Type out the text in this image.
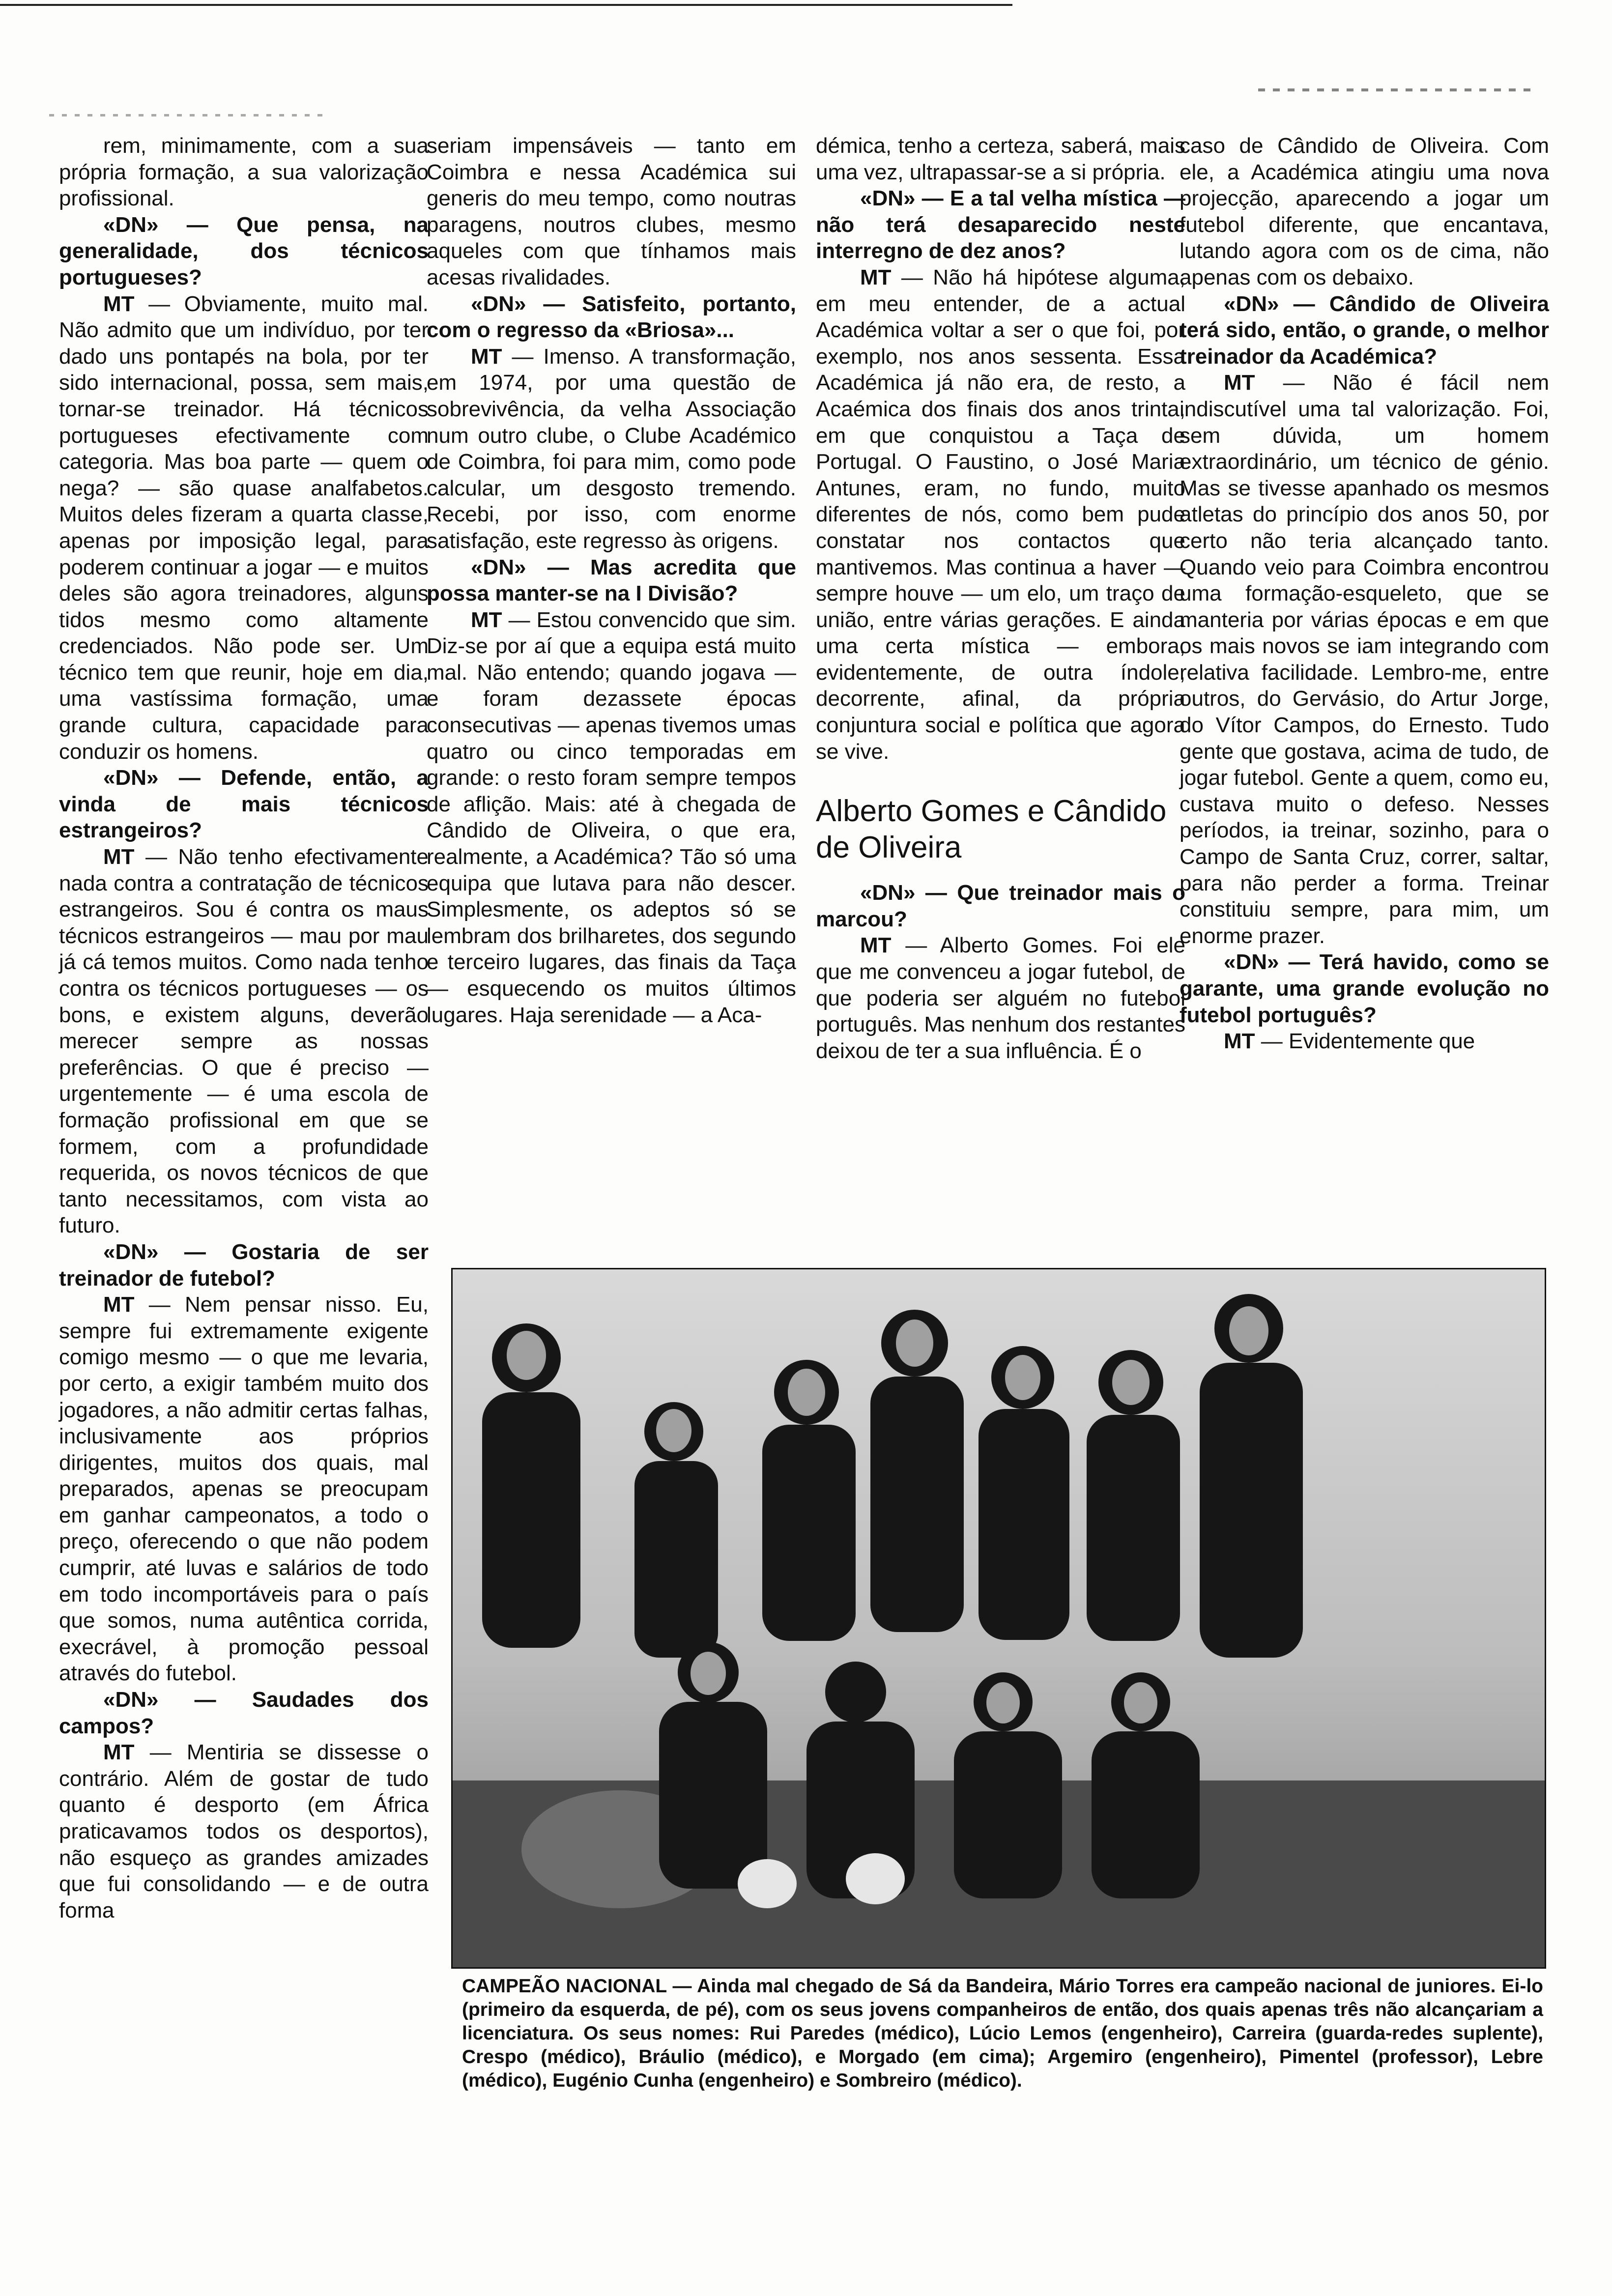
rem, minimamente, com a sua própria formação, a sua valorização profissional.

«DN» — Que pensa, na generalidade, dos técnicos portugueses?

MT — Obviamente, muito mal. Não admito que um indivíduo, por ter dado uns pontapés na bola, por ter sido internacional, possa, sem mais, tornar-se treinador. Há técnicos portugueses efectivamente com categoria. Mas boa parte — quem o nega? — são quase analfabetos. Muitos deles fizeram a quarta classe, apenas por imposição legal, para poderem continuar a jogar — e muitos deles são agora treinadores, alguns tidos mesmo como altamente credenciados. Não pode ser. Um técnico tem que reunir, hoje em dia, uma vastíssima formação, uma grande cultura, capacidade para conduzir os homens.

«DN» — Defende, então, a vinda de mais técnicos estrangeiros?

MT — Não tenho efectivamente nada contra a contratação de técnicos estrangeiros. Sou é contra os maus técnicos estrangeiros — mau por mau já cá temos muitos. Como nada tenho contra os técnicos portugueses — os bons, e existem alguns, deverão merecer sempre as nossas preferências. O que é preciso — urgentemente — é uma escola de formação profissional em que se formem, com a profundidade requerida, os novos técnicos de que tanto necessitamos, com vista ao futuro.

«DN» — Gostaria de ser treinador de futebol?

MT — Nem pensar nisso. Eu, sempre fui extremamente exigente comigo mesmo — o que me levaria, por certo, a exigir também muito dos jogadores, a não admitir certas falhas, inclusivamente aos próprios dirigentes, muitos dos quais, mal preparados, apenas se preocupam em ganhar campeonatos, a todo o preço, oferecendo o que não podem cumprir, até luvas e salários de todo em todo incomportáveis para o país que somos, numa autêntica corrida, execrável, à promoção pessoal através do futebol.

«DN» — Saudades dos campos?

MT — Mentiria se dissesse o contrário. Além de gostar de tudo quanto é desporto (em África praticavamos todos os desportos), não esqueço as grandes amizades que fui consolidando — e de outra forma

seriam impensáveis — tanto em Coimbra e nessa Académica sui generis do meu tempo, como noutras paragens, noutros clubes, mesmo aqueles com que tínhamos mais acesas rivalidades.

«DN» — Satisfeito, portanto, com o regresso da «Briosa»...

MT — Imenso. A transformação, em 1974, por uma questão de sobrevivência, da velha Associação num outro clube, o Clube Académico de Coimbra, foi para mim, como pode calcular, um desgosto tremendo. Recebi, por isso, com enorme satisfação, este regresso às origens.

«DN» — Mas acredita que possa manter-se na I Divisão?

MT — Estou convencido que sim. Diz-se por aí que a equipa está muito mal. Não entendo; quando jogava — e foram dezassete épocas consecutivas — apenas tivemos umas quatro ou cinco temporadas em grande: o resto foram sempre tempos de aflição. Mais: até à chegada de Cândido de Oliveira, o que era, realmente, a Académica? Tão só uma equipa que lutava para não descer. Simplesmente, os adeptos só se lembram dos brilharetes, dos segundo e terceiro lugares, das finais da Taça — esquecendo os muitos últimos lugares. Haja serenidade — a Aca-

démica, tenho a certeza, saberá, mais uma vez, ultrapassar-se a si própria.

«DN» — E a tal velha mística — não terá desaparecido neste interregno de dez anos?

MT — Não há hipótese alguma, em meu entender, de a actual Académica voltar a ser o que foi, por exemplo, nos anos sessenta. Essa Académica já não era, de resto, a Acaémica dos finais dos anos trinta, em que conquistou a Taça de Portugal. O Faustino, o José Maria Antunes, eram, no fundo, muito diferentes de nós, como bem pude constatar nos contactos que mantivemos. Mas continua a haver — sempre houve — um elo, um traço de união, entre várias gerações. E ainda uma certa mística — embora, evidentemente, de outra índole, decorrente, afinal, da própria conjuntura social e política que agora se vive.

Alberto Gomes e Cândido de Oliveira

«DN» — Que treinador mais o marcou?

MT — Alberto Gomes. Foi ele que me convenceu a jogar futebol, de que poderia ser alguém no futebol português. Mas nenhum dos restantes deixou de ter a sua influência. É o

caso de Cândido de Oliveira. Com ele, a Académica atingiu uma nova projecção, aparecendo a jogar um futebol diferente, que encantava, lutando agora com os de cima, não apenas com os debaixo.

«DN» — Cândido de Oliveira terá sido, então, o grande, o melhor treinador da Académica?

MT — Não é fácil nem indiscutível uma tal valorização. Foi, sem dúvida, um homem extraordinário, um técnico de génio. Mas se tivesse apanhado os mesmos atletas do princípio dos anos 50, por certo não teria alcançado tanto. Quando veio para Coimbra encontrou uma formação-esqueleto, que se manteria por várias épocas e em que os mais novos se iam integrando com relativa facilidade. Lembro-me, entre outros, do Gervásio, do Artur Jorge, do Vítor Campos, do Ernesto. Tudo gente que gostava, acima de tudo, de jogar futebol. Gente a quem, como eu, custava muito o defeso. Nesses períodos, ia treinar, sozinho, para o Campo de Santa Cruz, correr, saltar, para não perder a forma. Treinar constituiu sempre, para mim, um enorme prazer.

«DN» — Terá havido, como se garante, uma grande evolução no futebol português?

MT — Evidentemente que

CAMPEÃO NACIONAL — Ainda mal chegado de Sá da Bandeira, Mário Torres era campeão nacional de juniores. Ei-lo (primeiro da esquerda, de pé), com os seus jovens companheiros de então, dos quais apenas três não alcançariam a licenciatura. Os seus nomes: Rui Paredes (médico), Lúcio Lemos (engenheiro), Carreira (guarda-redes suplente), Crespo (médico), Bráulio (médico), e Morgado (em cima); Argemiro (engenheiro), Pimentel (professor), Lebre (médico), Eugénio Cunha (engenheiro) e Sombreiro (médico).
